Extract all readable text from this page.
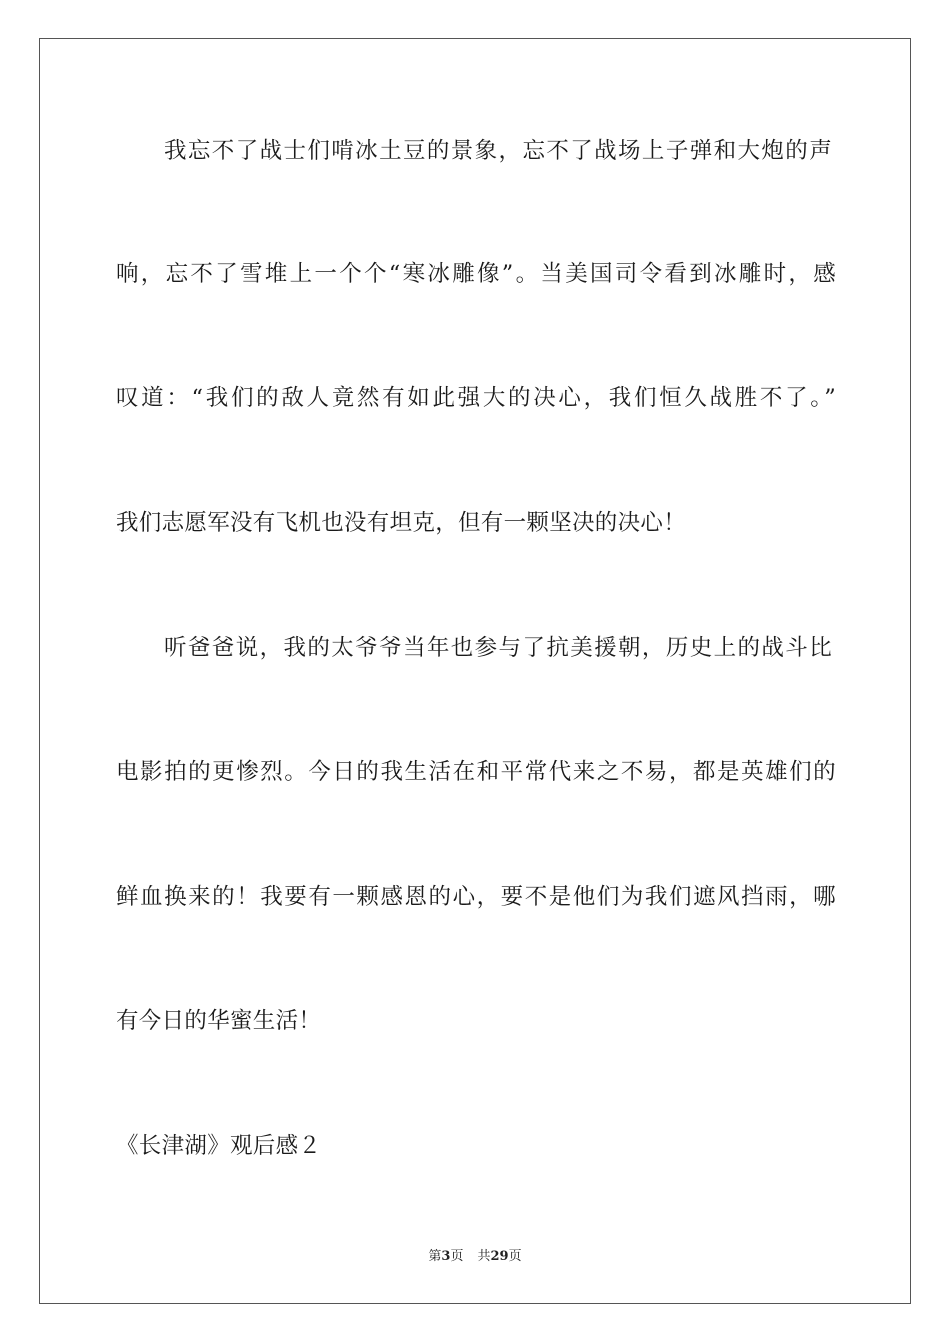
我忘不了战士们啃冰土豆的景象，忘不了战场上子弹和大炮的声
响，忘不了雪堆上一个个“寒冰雕像”。当美国司令看到冰雕时，感
叹道：“我们的敌人竟然有如此强大的决心，我们恒久战胜不了。”
我们志愿军没有飞机也没有坦克，但有一颗坚决的决心！
听爸爸说，我的太爷爷当年也参与了抗美援朝，历史上的战斗比
电影拍的更惨烈。今日的我生活在和平常代来之不易，都是英雄们的
鲜血换来的！我要有一颗感恩的心，要不是他们为我们遮风挡雨，哪
有今日的华蜜生活！
《长津湖》观后感２
第3页 共29页
